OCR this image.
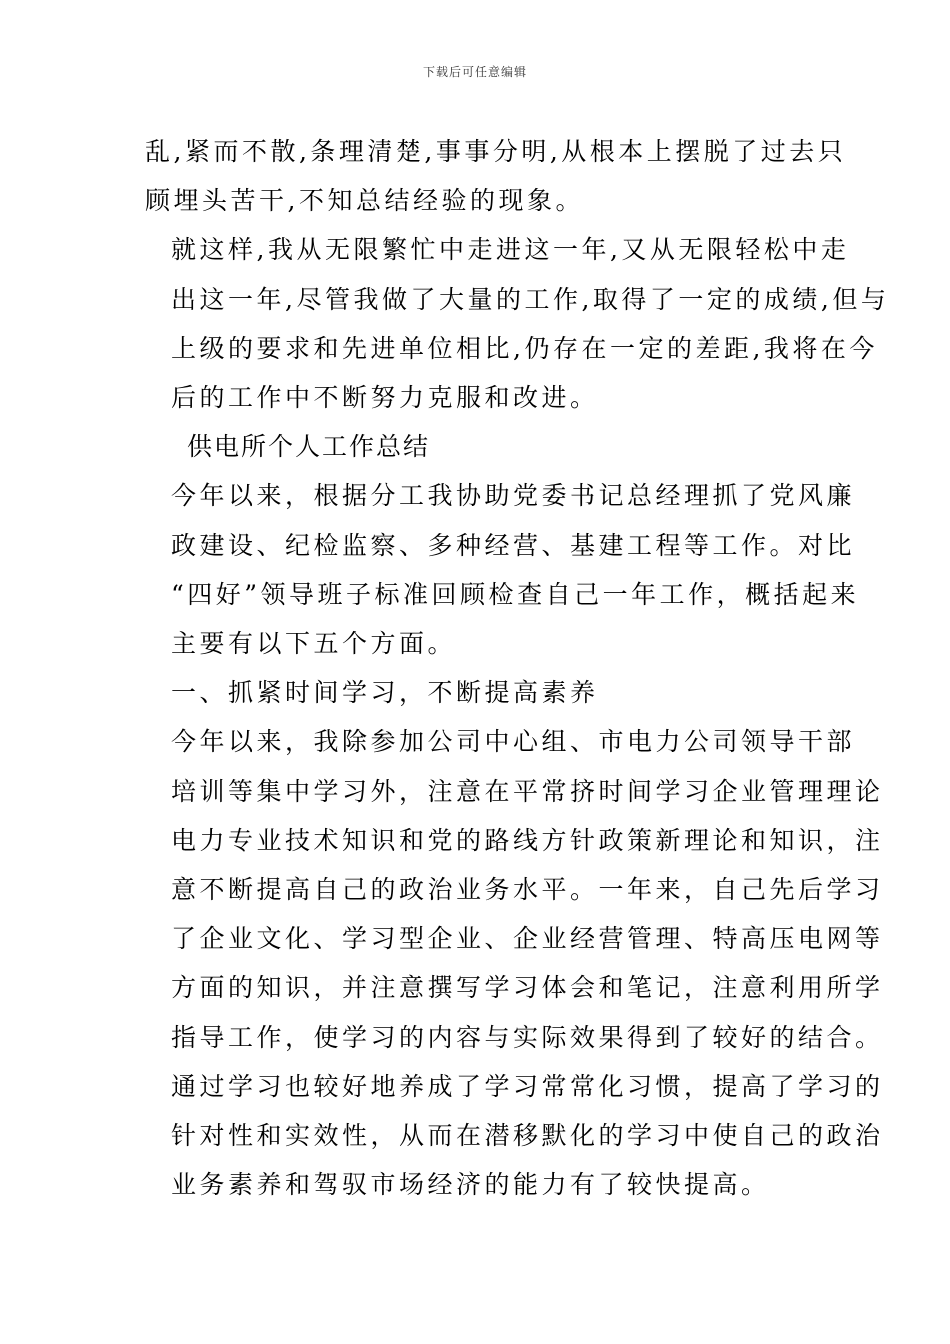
下载后可任意编辑
乱,紧而不散,条理清楚,事事分明,从根本上摆脱了过去只
顾埋头苦干,不知总结经验的现象。
就这样,我从无限繁忙中走进这一年,又从无限轻松中走
出这一年,尽管我做了大量的工作,取得了一定的成绩,但与
上级的要求和先进单位相比,仍存在一定的差距,我将在今
后的工作中不断努力克服和改进。
供电所个人工作总结
今年以来，根据分工我协助党委书记总经理抓了党风廉
政建设、纪检监察、多种经营、基建工程等工作。对比
“四好”领导班子标准回顾检查自己一年工作，概括起来
主要有以下五个方面。
一、抓紧时间学习，不断提高素养
今年以来，我除参加公司中心组、市电力公司领导干部
培训等集中学习外，注意在平常挤时间学习企业管理理论
电力专业技术知识和党的路线方针政策新理论和知识，注
意不断提高自己的政治业务水平。一年来，自己先后学习
了企业文化、学习型企业、企业经营管理、特高压电网等
方面的知识，并注意撰写学习体会和笔记，注意利用所学
指导工作，使学习的内容与实际效果得到了较好的结合。
通过学习也较好地养成了学习常常化习惯，提高了学习的
针对性和实效性，从而在潜移默化的学习中使自己的政治
业务素养和驾驭市场经济的能力有了较快提高。
